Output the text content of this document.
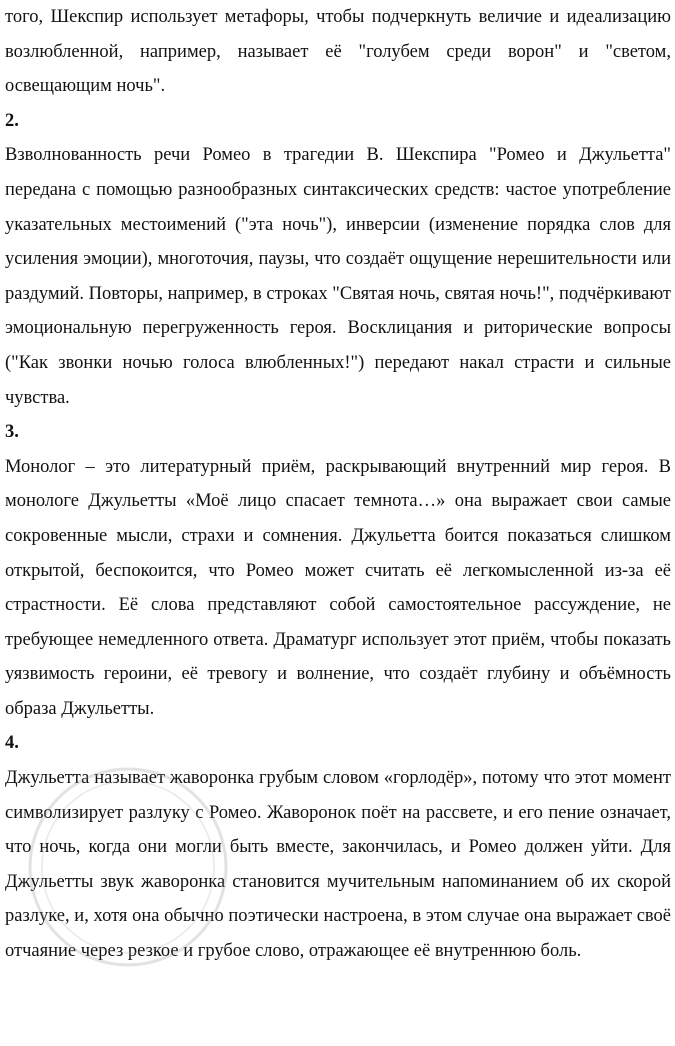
того, Шекспир использует метафоры, чтобы подчеркнуть величие и идеализацию возлюбленной, например, называет её "голубем среди ворон" и "светом, освещающим ночь".

2.

Взволнованность речи Ромео в трагедии В. Шекспира "Ромео и Джульетта" передана с помощью разнообразных синтаксических средств: частое употребление указательных местоимений ("эта ночь"), инверсии (изменение порядка слов для усиления эмоции), многоточия, паузы, что создаёт ощущение нерешительности или раздумий. Повторы, например, в строках "Святая ночь, святая ночь!", подчёркивают эмоциональную перегруженность героя. Восклицания и риторические вопросы ("Как звонки ночью голоса влюбленных!") передают накал страсти и сильные чувства.

3.

Монолог – это литературный приём, раскрывающий внутренний мир героя. В монологе Джульетты «Моё лицо спасает темнота…» она выражает свои самые сокровенные мысли, страхи и сомнения. Джульетта боится показаться слишком открытой, беспокоится, что Ромео может считать её легкомысленной из-за её страстности. Её слова представляют собой самостоятельное рассуждение, не требующее немедленного ответа. Драматург использует этот приём, чтобы показать уязвимость героини, её тревогу и волнение, что создаёт глубину и объёмность образа Джульетты.

4.

Джульетта называет жаворонка грубым словом «горлодёр», потому что этот момент символизирует разлуку с Ромео. Жаворонок поёт на рассвете, и его пение означает, что ночь, когда они могли быть вместе, закончилась, и Ромео должен уйти. Для Джульетты звук жаворонка становится мучительным напоминанием об их скорой разлуке, и, хотя она обычно поэтически настроена, в этом случае она выражает своё отчаяние через резкое и грубое слово, отражающее её внутреннюю боль.
